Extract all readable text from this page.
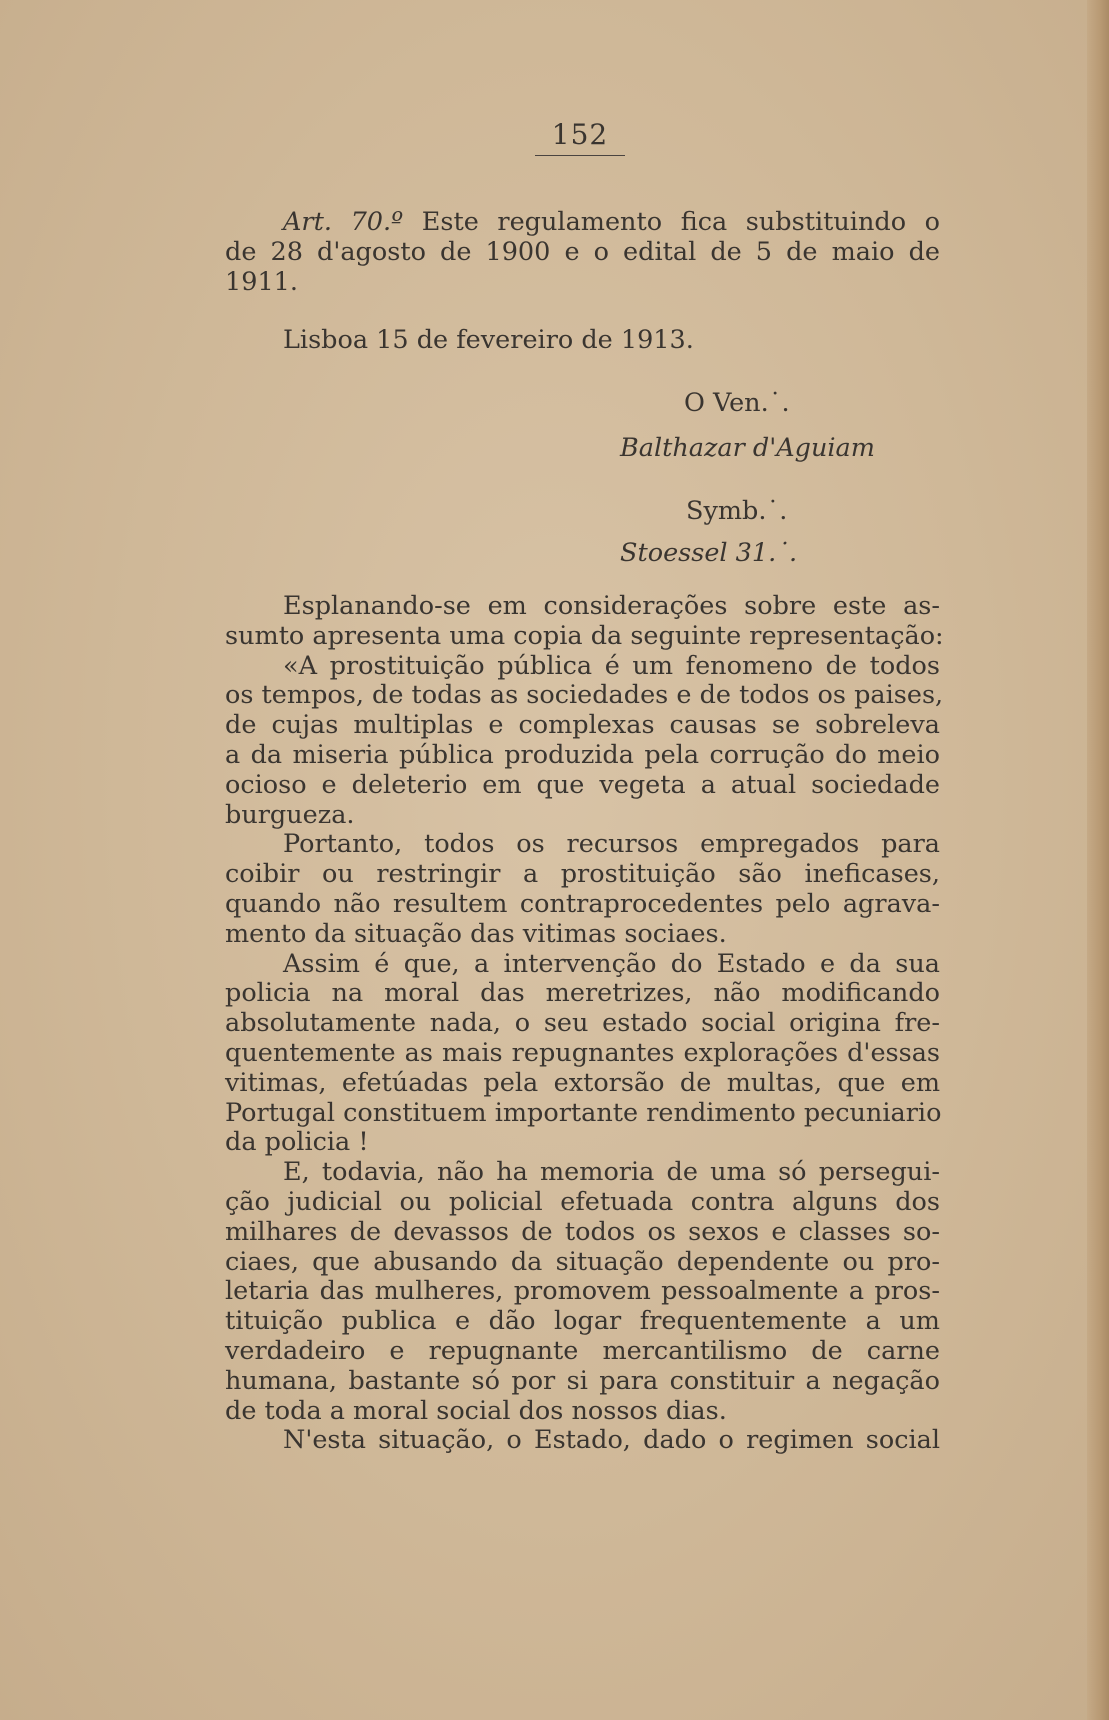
152
Art. 70.º Este regulamento fica substituindo o
de 28 d'agosto de 1900 e o edital de 5 de maio de
1911.
Lisboa 15 de fevereiro de 1913.
O Ven.˙.
Balthazar d'Aguiam
Symb.˙.
Stoessel 31.˙.
Esplanando-se em considerações sobre este as-
sumto apresenta uma copia da seguinte representação:
«A prostituição pública é um fenomeno de todos
os tempos, de todas as sociedades e de todos os paises,
de cujas multiplas e complexas causas se sobreleva
a da miseria pública produzida pela corrução do meio
ocioso e deleterio em que vegeta a atual sociedade
burgueza.
Portanto, todos os recursos empregados para
coibir ou restringir a prostituição são ineficases,
quando não resultem contraprocedentes pelo agrava-
mento da situação das vitimas sociaes.
Assim é que, a intervenção do Estado e da sua
policia na moral das meretrizes, não modificando
absolutamente nada, o seu estado social origina fre-
quentemente as mais repugnantes explorações d'essas
vitimas, efetúadas pela extorsão de multas, que em
Portugal constituem importante rendimento pecuniario
da policia !
E, todavia, não ha memoria de uma só persegui-
ção judicial ou policial efetuada contra alguns dos
milhares de devassos de todos os sexos e classes so-
ciaes, que abusando da situação dependente ou pro-
letaria das mulheres, promovem pessoalmente a pros-
tituição publica e dão logar frequentemente a um
verdadeiro e repugnante mercantilismo de carne
humana, bastante só por si para constituir a negação
de toda a moral social dos nossos dias.
N'esta situação, o Estado, dado o regimen social
